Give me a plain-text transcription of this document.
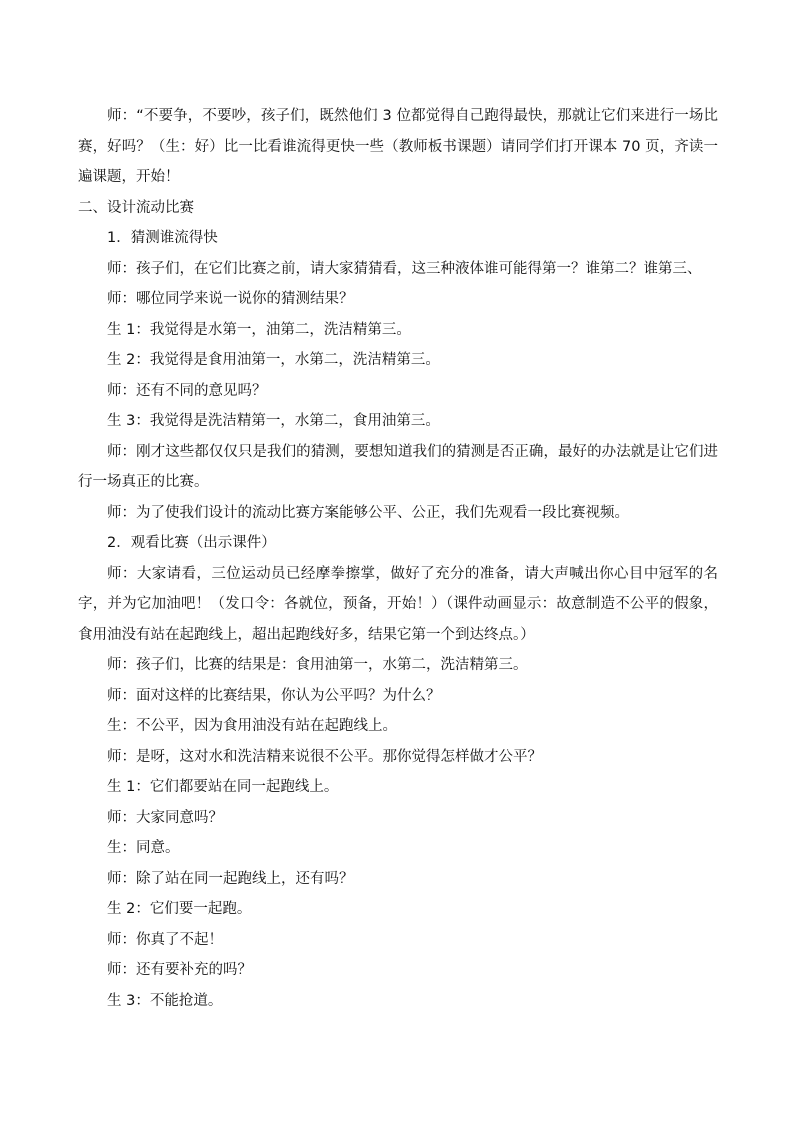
师：“不要争，不要吵，孩子们，既然他们 3 位都觉得自己跑得最快，那就让它们来进行一场比赛，好吗？（生：好）比一比看谁流得更快一些（教师板书课题）请同学们打开课本 70 页，齐读一遍课题，开始！

二、设计流动比赛

1．猜测谁流得快

师：孩子们，在它们比赛之前，请大家猜猜看，这三种液体谁可能得第一？谁第二？谁第三、

师：哪位同学来说一说你的猜测结果？

生 1：我觉得是水第一，油第二，洗洁精第三。

生 2：我觉得是食用油第一，水第二，洗洁精第三。

师：还有不同的意见吗？

生 3：我觉得是洗洁精第一，水第二，食用油第三。

师：刚才这些都仅仅只是我们的猜测，要想知道我们的猜测是否正确，最好的办法就是让它们进行一场真正的比赛。

师：为了使我们设计的流动比赛方案能够公平、公正，我们先观看一段比赛视频。

2．观看比赛（出示课件）

师：大家请看，三位运动员已经摩拳擦掌，做好了充分的准备，请大声喊出你心目中冠军的名字，并为它加油吧！（发口令：各就位，预备，开始！）（课件动画显示：故意制造不公平的假象，食用油没有站在起跑线上，超出起跑线好多，结果它第一个到达终点。）

师：孩子们，比赛的结果是：食用油第一，水第二，洗洁精第三。

师：面对这样的比赛结果，你认为公平吗？为什么？

生：不公平，因为食用油没有站在起跑线上。

师：是呀，这对水和洗洁精来说很不公平。那你觉得怎样做才公平？

生 1：它们都要站在同一起跑线上。

师：大家同意吗？

生：同意。

师：除了站在同一起跑线上，还有吗？

生 2：它们要一起跑。

师：你真了不起！

师：还有要补充的吗？

生 3：不能抢道。
